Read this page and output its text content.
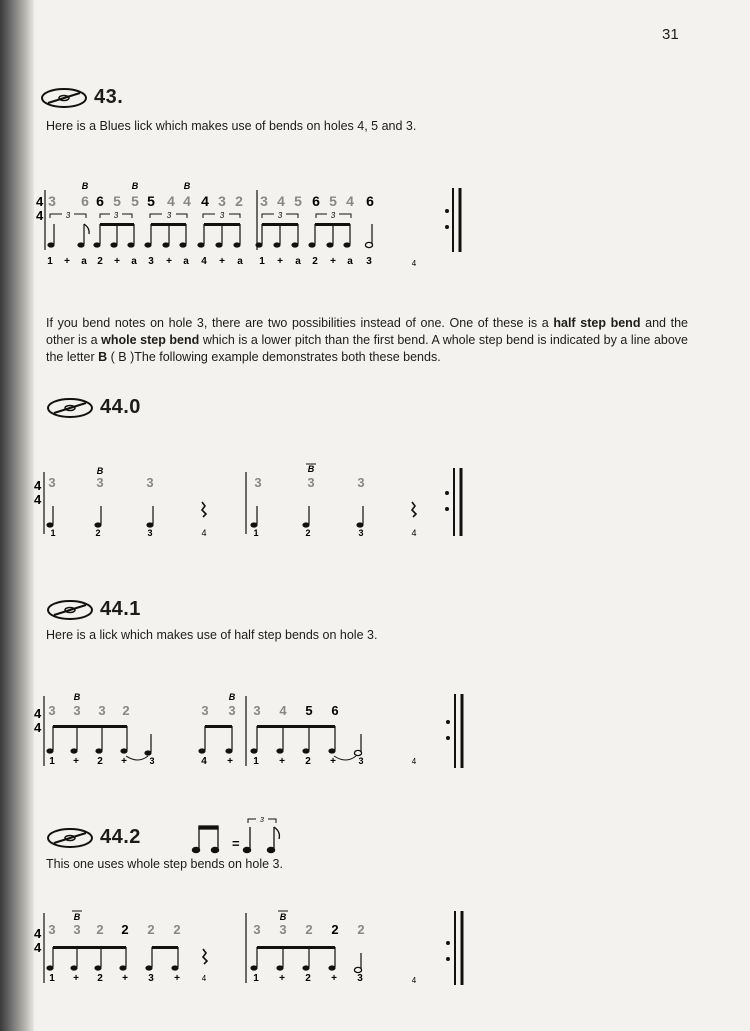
31
43.
Here is a Blues lick which makes use of bends on holes 4, 5 and 3.
4
4
B	B	B
3 6 6 5 5 5 4 4 4 3 2 3 4 5 6 5 4 6
3	3	3	3	3	3
1 + a 2 + a 3 + a 4 + a 1 + a 2 + a 3	4
If you bend notes on hole 3, there are two possibilities instead of one. One of these is a half step bend and the other is a whole step bend which is a lower pitch than the first bend. A whole step bend is indicated by a line above the letter B ( B )The following example demonstrates both these bends.
44.0
4
4
B	B
3	3	3	3	3
3
1	2	3	4	1	2	3	4
44.1
Here is a lick which makes use of half step bends on hole 3.
4
4
B	B
3 3 3 2	3 3 3 4 5 6
1 + 2 +	3	4 + 1 + 2 +	3	4
44.2	=
3
This one uses whole step bends on hole 3.
4
4
B	B
3 3 2 2 2 2	3 3 2 2 2
1 + 2 + 3 +	4	1 + 2 + 3	4
